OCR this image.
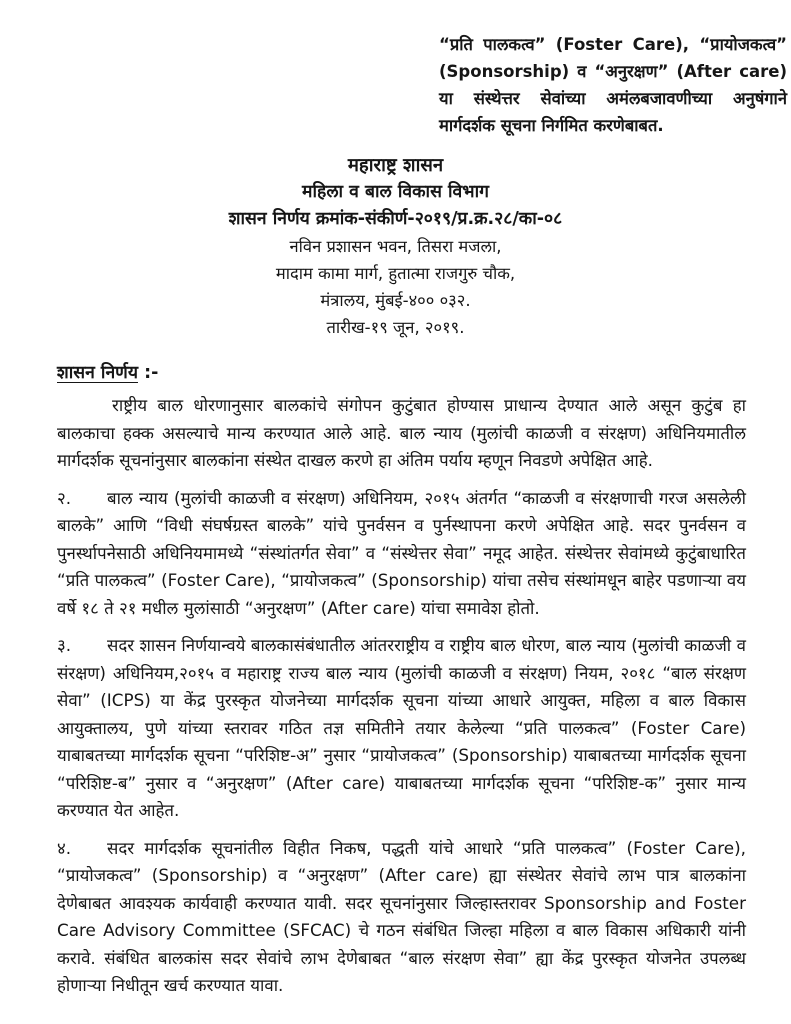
“प्रति पालकत्व” (Foster Care), “प्रायोजकत्व” (Sponsorship) व “अनुरक्षण” (After care) या संस्थेत्तर सेवांच्या अमंलबजावणीच्या अनुषंगाने मार्गदर्शक सूचना निर्गमित करणेबाबत.
महाराष्ट्र शासन
महिला व बाल विकास विभाग
शासन निर्णय क्रमांक-संकीर्ण-२०१९/प्र.क्र.२८/का-०८
नविन प्रशासन भवन, तिसरा मजला,
मादाम कामा मार्ग, हुतात्मा राजगुरु चौक,
मंत्रालय, मुंबई-४०० ०३२.
तारीख-१९ जून, २०१९.
शासन निर्णय :-

राष्ट्रीय बाल धोरणानुसार बालकांचे संगोपन कुटुंबात होण्यास प्राधान्य देण्यात आले असून कुटुंब हा बालकाचा हक्क असल्याचे मान्य करण्यात आले आहे. बाल न्याय (मुलांची काळजी व संरक्षण) अधिनियमातील मार्गदर्शक सूचनांनुसार बालकांना संस्थेत दाखल करणे हा अंतिम पर्याय म्हणून निवडणे अपेक्षित आहे.

२. बाल न्याय (मुलांची काळजी व संरक्षण) अधिनियम, २०१५ अंतर्गत “काळजी व संरक्षणाची गरज असलेली बालके” आणि “विधी संघर्षग्रस्त बालके” यांचे पुनर्वसन व पुर्नस्थापना करणे अपेक्षित आहे. सदर पुनर्वसन व पुनर्स्थापनेसाठी अधिनियमामध्ये “संस्थांतर्गत सेवा” व “संस्थेत्तर सेवा” नमूद आहेत. संस्थेत्तर सेवांमध्ये कुटुंबाधारित “प्रति पालकत्व” (Foster Care), “प्रायोजकत्व” (Sponsorship) यांचा तसेच संस्थांमधून बाहेर पडणाऱ्या वय वर्षे १८ ते २१ मधील मुलांसाठी “अनुरक्षण” (After care) यांचा समावेश होतो.

३. सदर शासन निर्णयान्वये बालकासंबंधातील आंतरराष्ट्रीय व राष्ट्रीय बाल धोरण, बाल न्याय (मुलांची काळजी व संरक्षण) अधिनियम,२०१५ व महाराष्ट्र राज्य बाल न्याय (मुलांची काळजी व संरक्षण) नियम, २०१८ “बाल संरक्षण सेवा” (ICPS) या केंद्र पुरस्कृत योजनेच्या मार्गदर्शक सूचना यांच्या आधारे आयुक्त, महिला व बाल विकास आयुक्तालय, पुणे यांच्या स्तरावर गठित तज्ञ समितीने तयार केलेल्या “प्रति पालकत्व” (Foster Care) याबाबतच्या मार्गदर्शक सूचना “परिशिष्ट-अ” नुसार “प्रायोजकत्व” (Sponsorship) याबाबतच्या मार्गदर्शक सूचना “परिशिष्ट-ब” नुसार व “अनुरक्षण” (After care) याबाबतच्या मार्गदर्शक सूचना “परिशिष्ट-क” नुसार मान्य करण्यात येत आहेत.

४. सदर मार्गदर्शक सूचनांतील विहीत निकष, पद्धती यांचे आधारे “प्रति पालकत्व” (Foster Care), “प्रायोजकत्व” (Sponsorship) व “अनुरक्षण” (After care) ह्या संस्थेतर सेवांचे लाभ पात्र बालकांना देणेबाबत आवश्यक कार्यवाही करण्यात यावी. सदर सूचनांनुसार जिल्हास्तरावर Sponsorship and Foster Care Advisory Committee (SFCAC) चे गठन संबंधित जिल्हा महिला व बाल विकास अधिकारी यांनी करावे. संबंधित बालकांस सदर सेवांचे लाभ देणेबाबत “बाल संरक्षण सेवा” ह्या केंद्र पुरस्कृत योजनेत उपलब्ध होणाऱ्या निधीतून खर्च करण्यात यावा.
